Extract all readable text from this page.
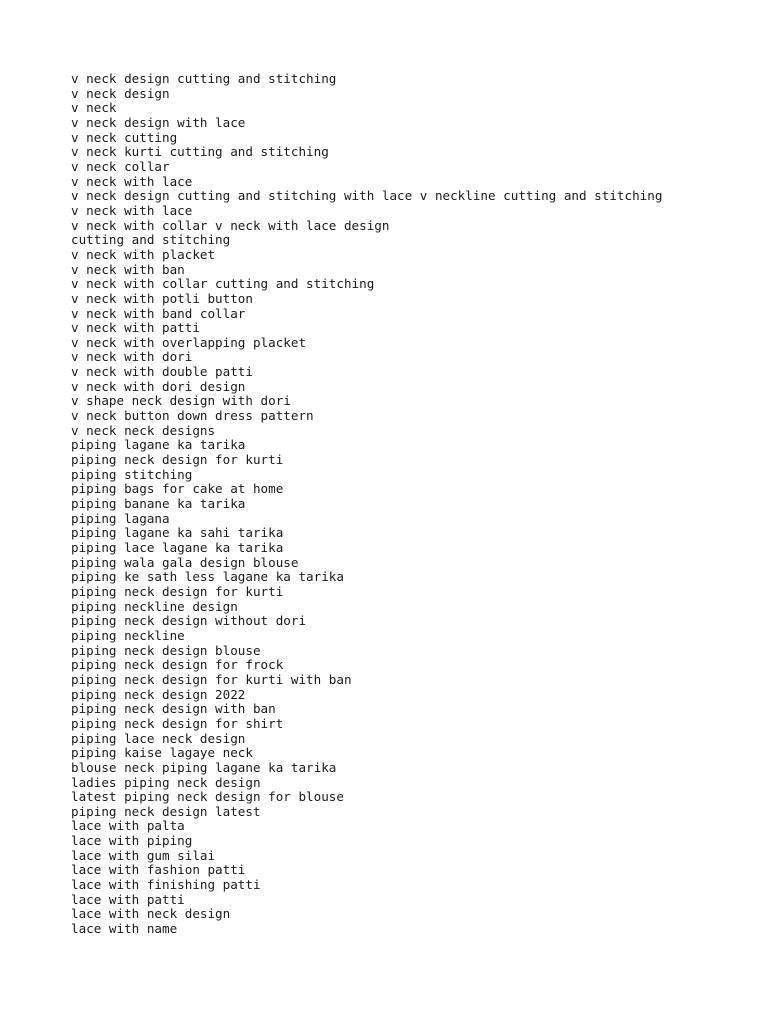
v neck design cutting and stitching
v neck design
v neck
v neck design with lace
v neck cutting
v neck kurti cutting and stitching
v neck collar
v neck with lace
v neck design cutting and stitching with lace v neckline cutting and stitching
v neck with lace
v neck with collar v neck with lace design
cutting and stitching
v neck with placket
v neck with ban
v neck with collar cutting and stitching
v neck with potli button
v neck with band collar
v neck with patti
v neck with overlapping placket
v neck with dori
v neck with double patti
v neck with dori design
v shape neck design with dori
v neck button down dress pattern
v neck neck designs
piping lagane ka tarika
piping neck design for kurti
piping stitching
piping bags for cake at home
piping banane ka tarika
piping lagana
piping lagane ka sahi tarika
piping lace lagane ka tarika
piping wala gala design blouse
piping ke sath less lagane ka tarika
piping neck design for kurti
piping neckline design
piping neck design without dori
piping neckline
piping neck design blouse
piping neck design for frock
piping neck design for kurti with ban
piping neck design 2022
piping neck design with ban
piping neck design for shirt
piping lace neck design
piping kaise lagaye neck
blouse neck piping lagane ka tarika
ladies piping neck design
latest piping neck design for blouse
piping neck design latest
lace with palta
lace with piping
lace with gum silai
lace with fashion patti
lace with finishing patti
lace with patti
lace with neck design
lace with name
